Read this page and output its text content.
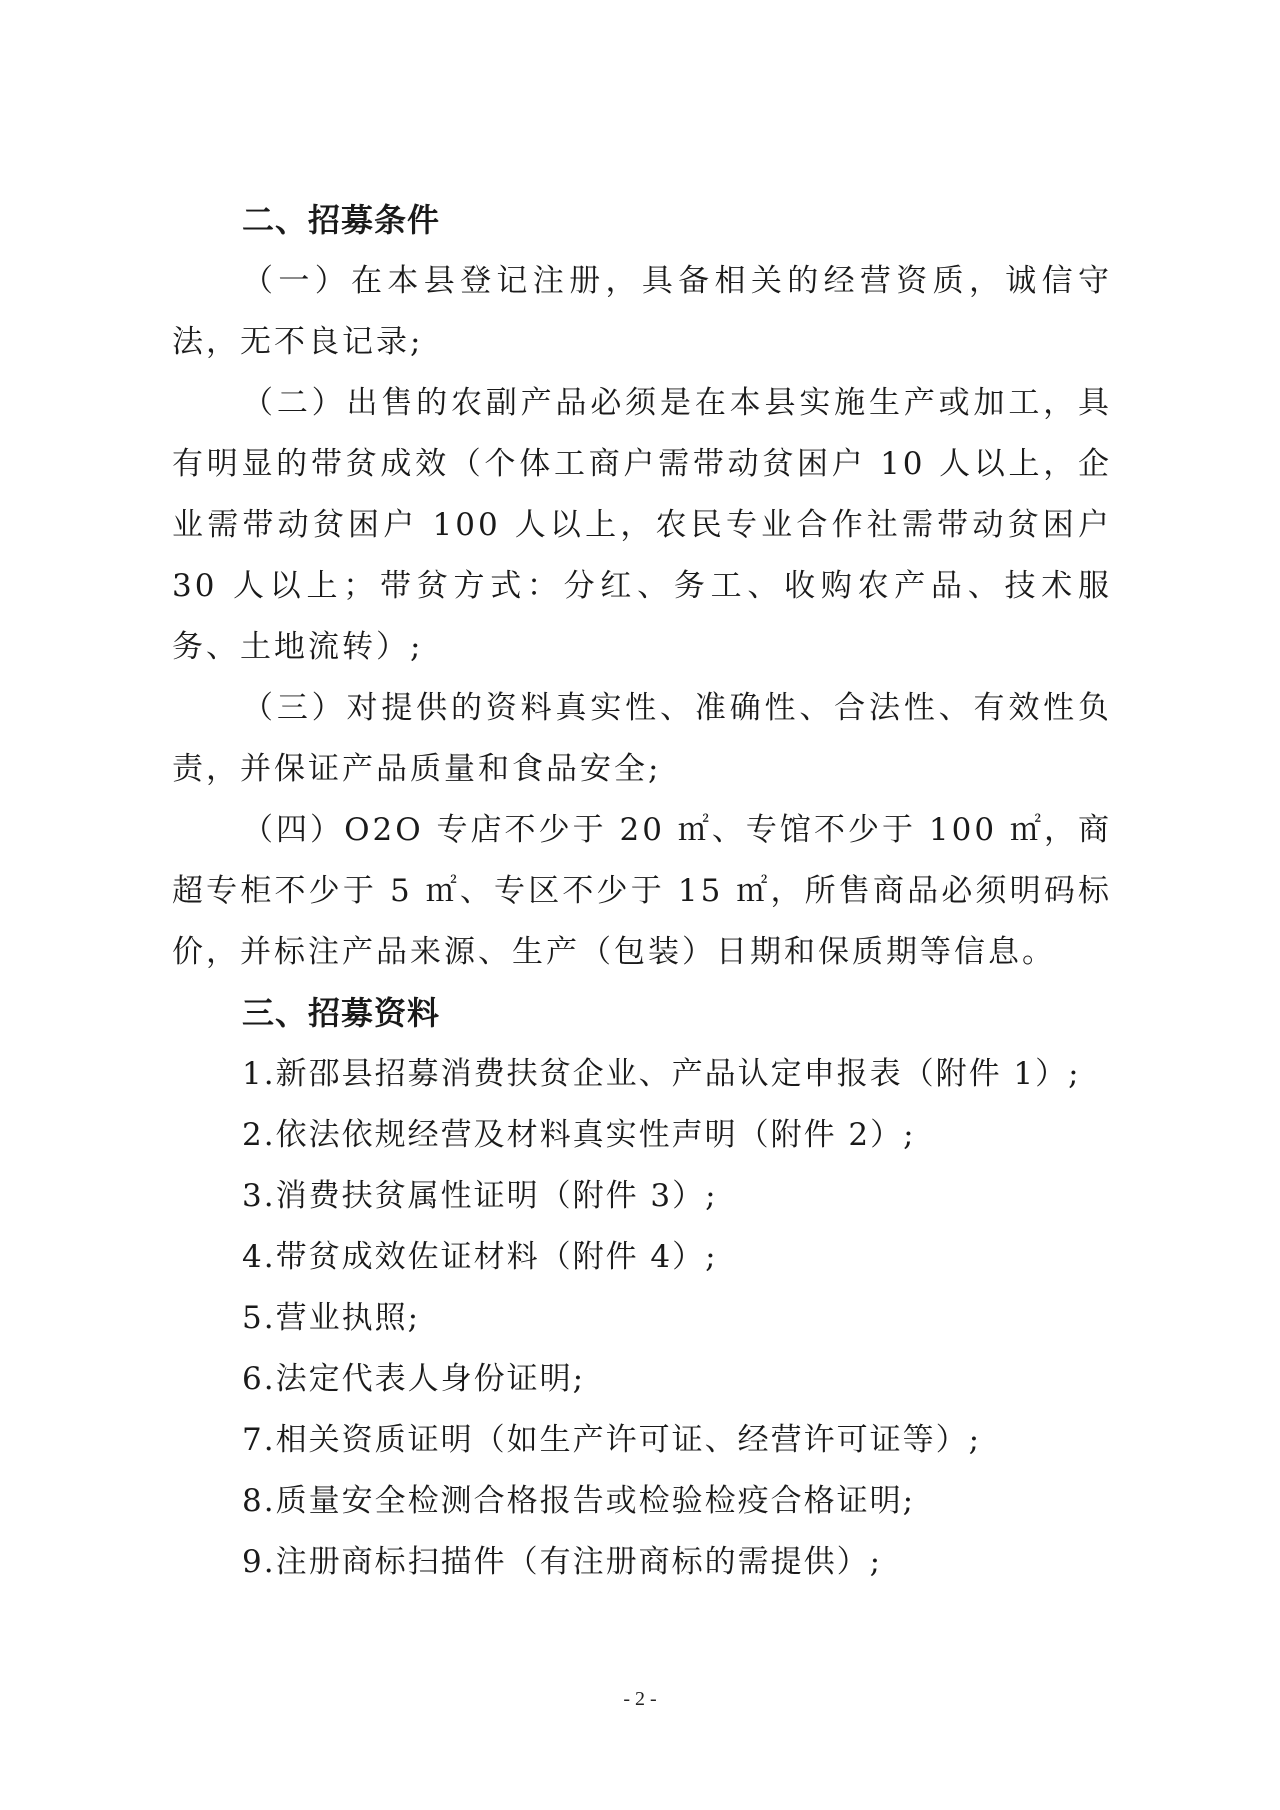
二、招募条件
（一）在本县登记注册，具备相关的经营资质，诚信守法，无不良记录;
（二）出售的农副产品必须是在本县实施生产或加工，具有明显的带贫成效（个体工商户需带动贫困户 10 人以上，企业需带动贫困户 100 人以上，农民专业合作社需带动贫困户 30 人以上；带贫方式：分红、务工、收购农产品、技术服务、土地流转）;
（三）对提供的资料真实性、准确性、合法性、有效性负责，并保证产品质量和食品安全;
（四）O2O 专店不少于 20 ㎡、专馆不少于 100 ㎡，商超专柜不少于 5 ㎡、专区不少于 15 ㎡，所售商品必须明码标价，并标注产品来源、生产（包装）日期和保质期等信息。
三、招募资料
1.新邵县招募消费扶贫企业、产品认定申报表（附件 1）;
2.依法依规经营及材料真实性声明（附件 2）;
3.消费扶贫属性证明（附件 3）;
4.带贫成效佐证材料（附件 4）;
5.营业执照;
6.法定代表人身份证明;
7.相关资质证明（如生产许可证、经营许可证等）;
8.质量安全检测合格报告或检验检疫合格证明;
9.注册商标扫描件（有注册商标的需提供）;
- 2 -
